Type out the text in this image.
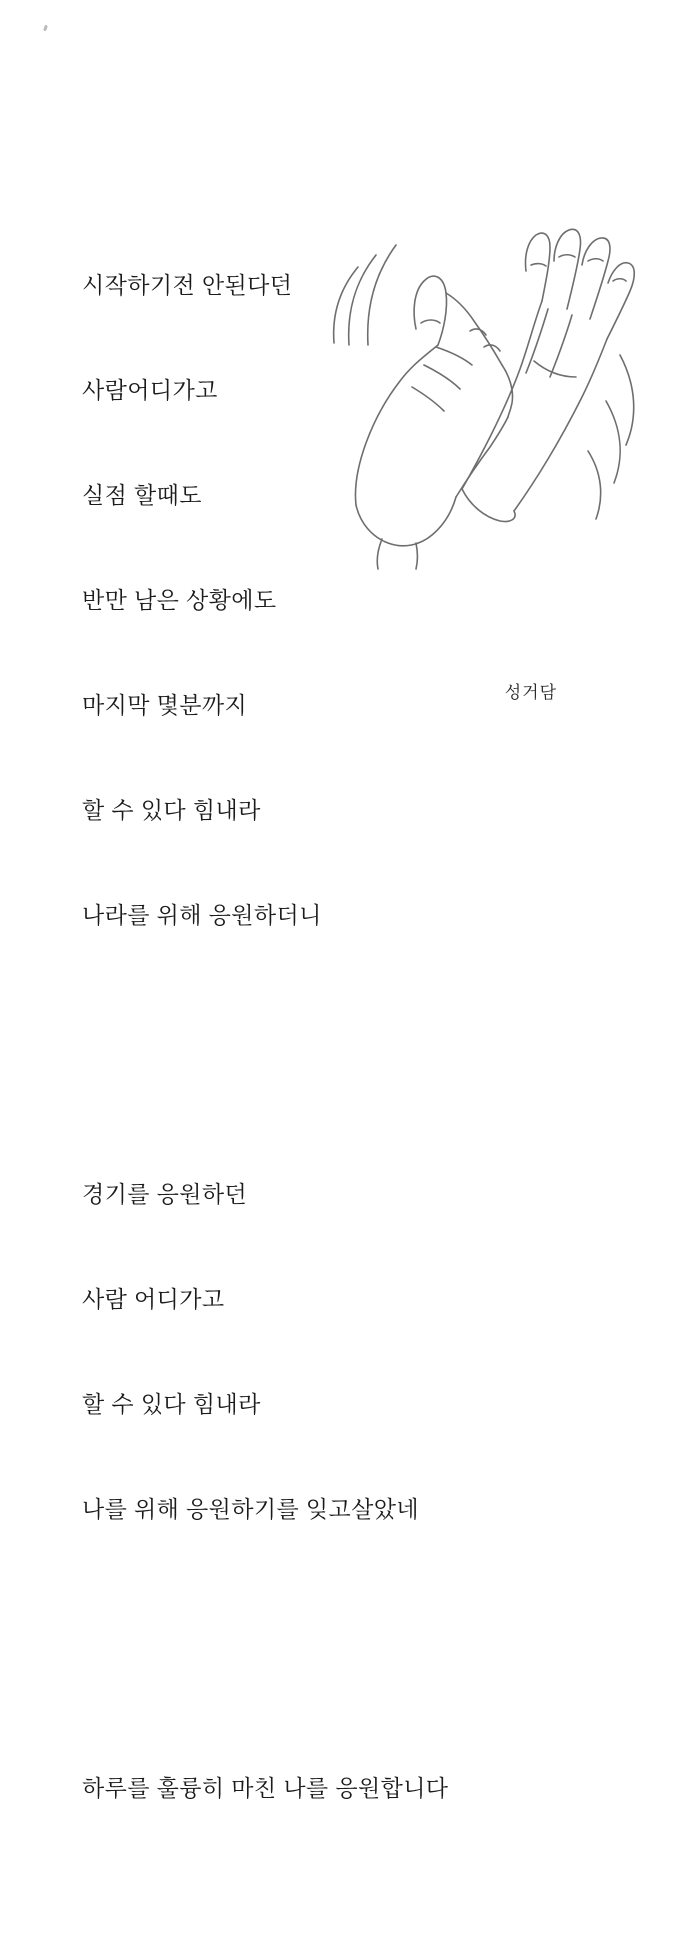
시작하기전 안된다던

사람어디가고

실점 할때도

반만 남은 상황에도

마지막 몇분까지

할 수 있다 힘내라

나라를 위해 응원하더니

경기를 응원하던

사람 어디가고

할 수 있다 힘내라

나를 위해 응원하기를 잊고살았네

하루를 훌륭히 마친 나를 응원합니다

성거담
